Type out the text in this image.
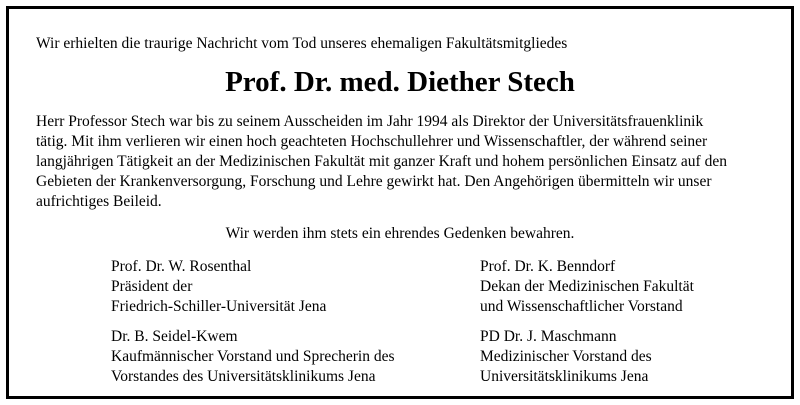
Wir erhielten die traurige Nachricht vom Tod unseres ehemaligen Fakultätsmitgliedes
Prof. Dr. med. Diether Stech
Herr Professor Stech war bis zu seinem Ausscheiden im Jahr 1994 als Direktor der Universitätsfrauenklinik
tätig. Mit ihm verlieren wir einen hoch geachteten Hochschullehrer und Wissenschaftler, der während seiner
langjährigen Tätigkeit an der Medizinischen Fakultät mit ganzer Kraft und hohem persönlichen Einsatz auf den
Gebieten der Krankenversorgung, Forschung und Lehre gewirkt hat. Den Angehörigen übermitteln wir unser
aufrichtiges Beileid.
Wir werden ihm stets ein ehrendes Gedenken bewahren.
Prof. Dr. W. Rosenthal
Präsident der
Friedrich-Schiller-Universität Jena
Prof. Dr. K. Benndorf
Dekan der Medizinischen Fakultät
und Wissenschaftlicher Vorstand
Dr. B. Seidel-Kwem
Kaufmännischer Vorstand und Sprecherin des
Vorstandes des Universitätsklinikums Jena
PD Dr. J. Maschmann
Medizinischer Vorstand des
Universitätsklinikums Jena
